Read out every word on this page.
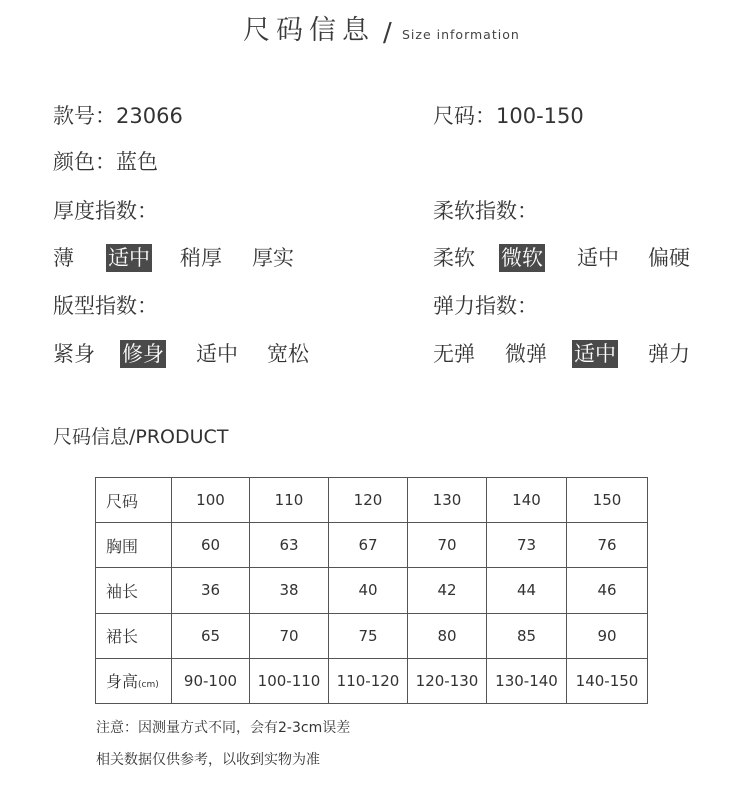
尺码信息 / Size information
款号：23066	尺码：100-150
颜色：蓝色
厚度指数：	柔软指数：
薄 适中 稍厚 厚实	柔软 微软 适中 偏硬
版型指数：	弹力指数：
紧身 修身 适中 宽松	无弹 微弹 适中 弹力
尺码信息/PRODUCT
尺码	100	110	120	130	140	150
胸围	60	63	67	70	73	76
袖长	36	38	40	42	44	46
裙长	65	70	75	80	85	90
身高(cm)	90-100	100-110	110-120	120-130	130-140	140-150
注意：因测量方式不同，会有2-3cm误差
相关数据仅供参考，以收到实物为准
